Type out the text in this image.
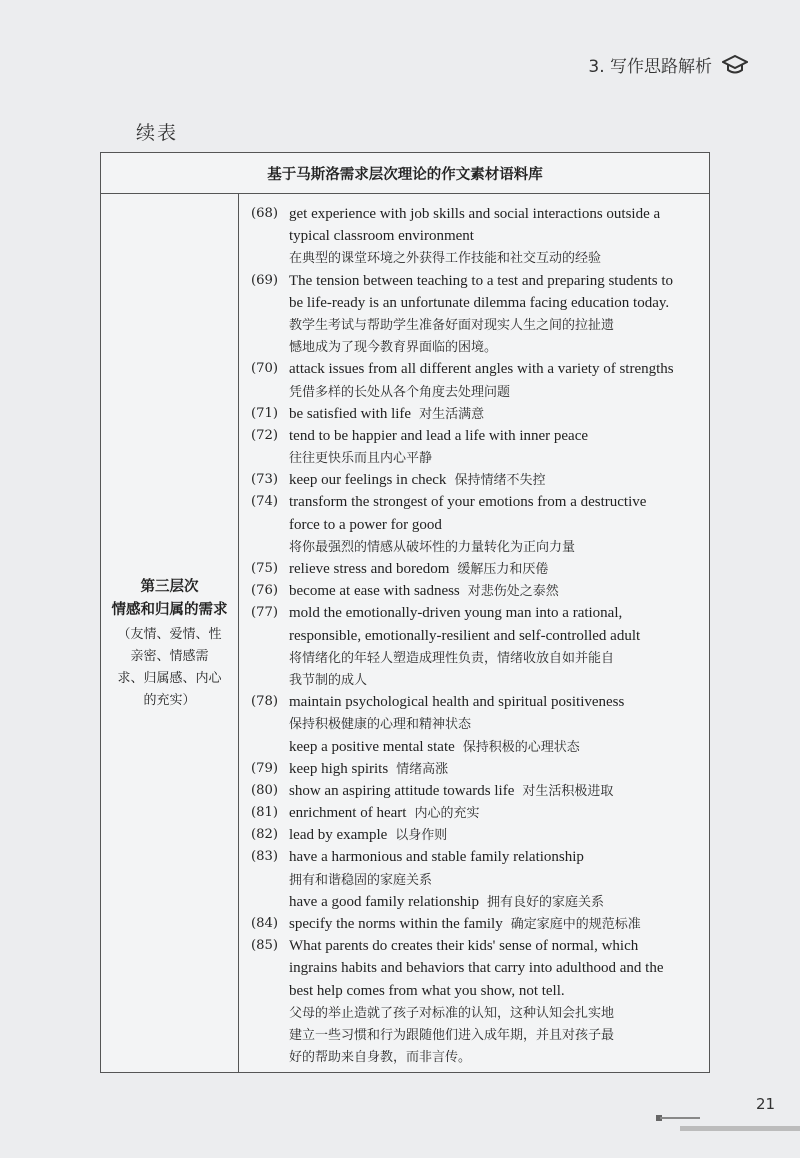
3. 写作思路解析
续表
基于马斯洛需求层次理论的作文素材语料库
第三层次
情感和归属的需求
（友情、爱情、性
亲密、情感需
求、归属感、内心
的充实）
(68) get experience with job skills and social interactions outside a
typical classroom environment
在典型的课堂环境之外获得工作技能和社交互动的经验
(69) The tension between teaching to a test and preparing students to
be life-ready is an unfortunate dilemma facing education today.
教学生考试与帮助学生准备好面对现实人生之间的拉扯遗
憾地成为了现今教育界面临的困境。
(70) attack issues from all different angles with a variety of strengths
凭借多样的长处从各个角度去处理问题
(71) be satisfied with life 对生活满意
(72) tend to be happier and lead a life with inner peace
往往更快乐而且内心平静
(73) keep our feelings in check 保持情绪不失控
(74) transform the strongest of your emotions from a destructive
force to a power for good
将你最强烈的情感从破坏性的力量转化为正向力量
(75) relieve stress and boredom 缓解压力和厌倦
(76) become at ease with sadness 对悲伤处之泰然
(77) mold the emotionally-driven young man into a rational,
responsible, emotionally-resilient and self-controlled adult
将情绪化的年轻人塑造成理性负责，情绪收放自如并能自
我节制的成人
(78) maintain psychological health and spiritual positiveness
保持积极健康的心理和精神状态
keep a positive mental state 保持积极的心理状态
(79) keep high spirits 情绪高涨
(80) show an aspiring attitude towards life 对生活积极进取
(81) enrichment of heart 内心的充实
(82) lead by example 以身作则
(83) have a harmonious and stable family relationship
拥有和谐稳固的家庭关系
have a good family relationship 拥有良好的家庭关系
(84) specify the norms within the family 确定家庭中的规范标准
(85) What parents do creates their kids' sense of normal, which
ingrains habits and behaviors that carry into adulthood and the
best help comes from what you show, not tell.
父母的举止造就了孩子对标准的认知，这种认知会扎实地
建立一些习惯和行为跟随他们进入成年期，并且对孩子最
好的帮助来自身教，而非言传。
21
